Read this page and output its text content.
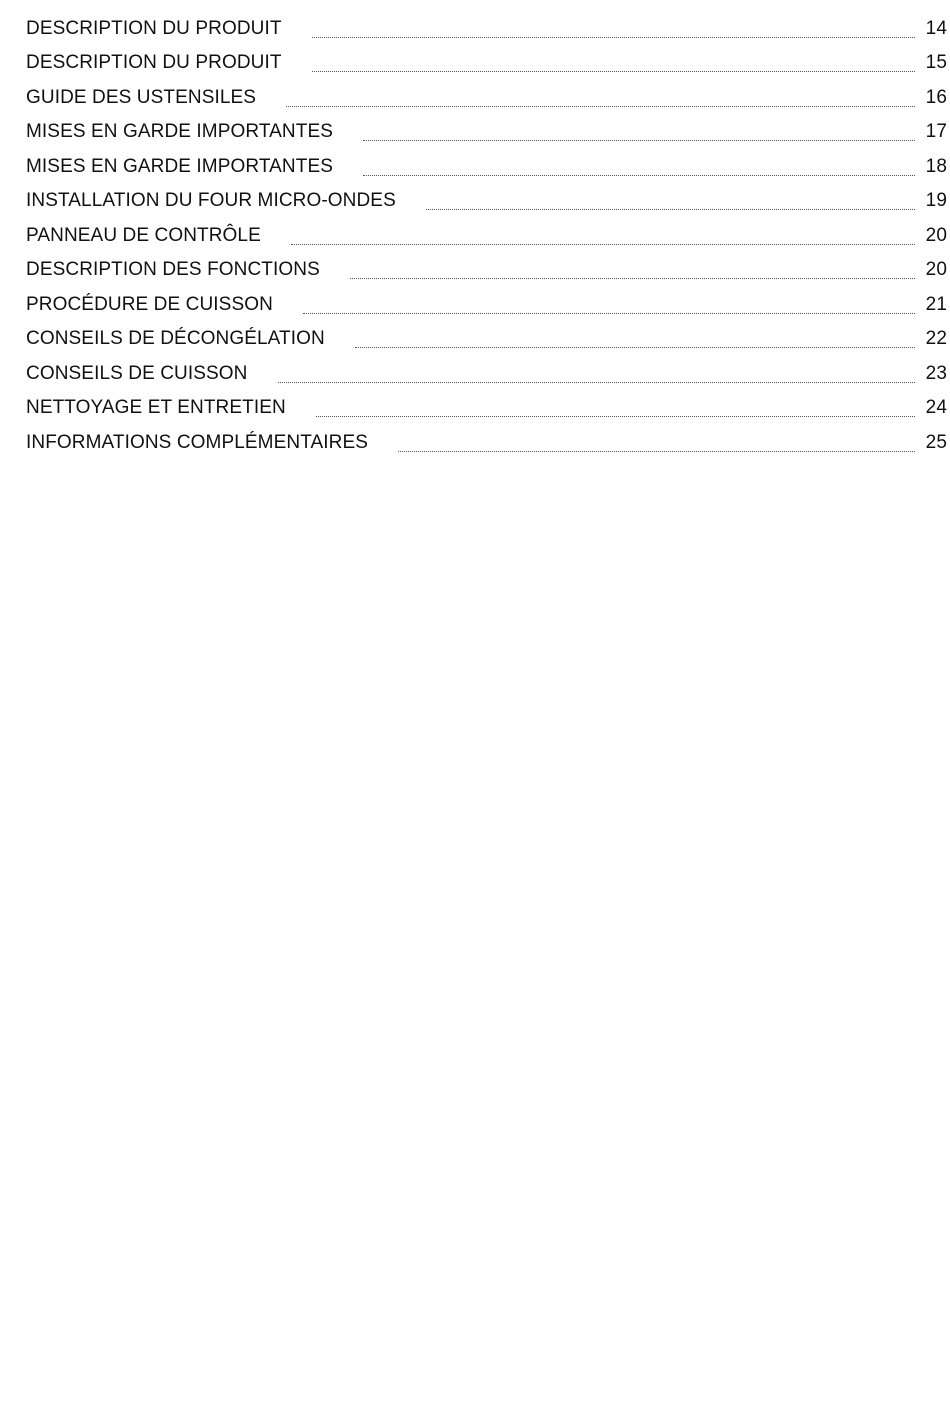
DESCRIPTION DU PRODUIT	14
DESCRIPTION DU PRODUIT	15
GUIDE DES USTENSILES	16
MISES EN GARDE IMPORTANTES	17
MISES EN GARDE IMPORTANTES	18
INSTALLATION DU FOUR MICRO-ONDES	19
PANNEAU DE CONTRÔLE	20
DESCRIPTION DES FONCTIONS	20
PROCÉDURE DE CUISSON	21
CONSEILS DE DÉCONGÉLATION	22
CONSEILS DE CUISSON	23
NETTOYAGE ET ENTRETIEN	24
INFORMATIONS COMPLÉMENTAIRES	25
